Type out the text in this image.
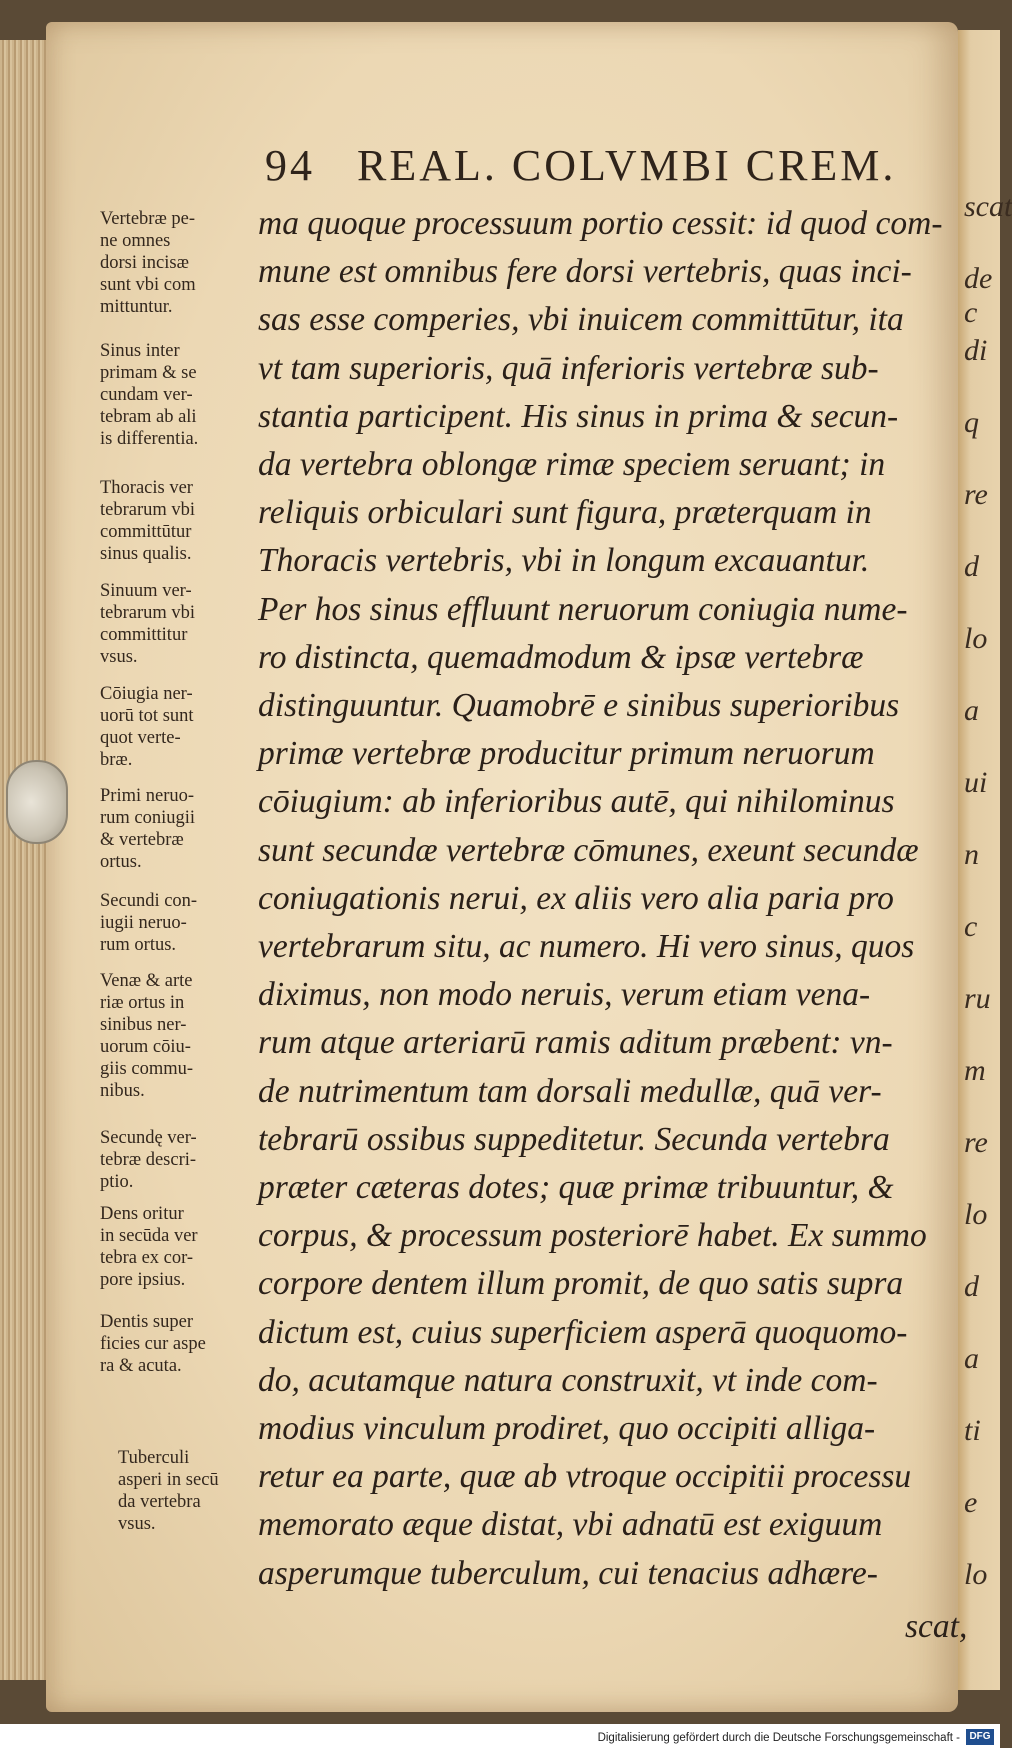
scat
de c
di
q
re
d
lo
a
ui
n
c
ru
m
re
lo
d
a
ti
e
lo
94 REAL. COLVMBI CREM.
ma quoque processuum portio cessit: id quod com-
mune est omnibus fere dorsi vertebris, quas inci-
sas esse comperies, vbi inuicem committūtur, ita
vt tam superioris, quā inferioris vertebræ sub-
stantia participent. His sinus in prima & secun-
da vertebra oblongæ rimæ speciem seruant; in
reliquis orbiculari sunt figura, præterquam in
Thoracis vertebris, vbi in longum excauantur.
Per hos sinus effluunt neruorum coniugia nume-
ro distincta, quemadmodum & ipsæ vertebræ
distinguuntur. Quamobrē e sinibus superioribus
primæ vertebræ producitur primum neruorum
cōiugium: ab inferioribus autē, qui nihilominus
sunt secundæ vertebræ cōmunes, exeunt secundæ
coniugationis nerui, ex aliis vero alia paria pro
vertebrarum situ, ac numero. Hi vero sinus, quos
diximus, non modo neruis, verum etiam vena-
rum atque arteriarū ramis aditum præbent: vn-
de nutrimentum tam dorsali medullæ, quā ver-
tebrarū ossibus suppeditetur. Secunda vertebra
præter cæteras dotes; quæ primæ tribuuntur, &
corpus, & processum posteriorē habet. Ex summo
corpore dentem illum promit, de quo satis supra
dictum est, cuius superficiem asperā quoquomo-
do, acutamque natura construxit, vt inde com-
modius vinculum prodiret, quo occipiti alliga-
retur ea parte, quæ ab vtroque occipitii processu
memorato æque distat, vbi adnatū est exiguum
asperumque tuberculum, cui tenacius adhære-
Vertebræ pe-
ne omnes
dorsi incisæ
sunt vbi com
mittuntur.
Sinus inter
primam & se
cundam ver-
tebram ab ali
is differentia.
Thoracis ver
tebrarum vbi
committūtur
sinus qualis.
Sinuum ver-
tebrarum vbi
committitur
vsus.
Cōiugia ner-
uorū tot sunt
quot verte-
bræ.
Primi neruo-
rum coniugii
& vertebræ
ortus.
Secundi con-
iugii neruo-
rum ortus.
Venæ & arte
riæ ortus in
sinibus ner-
uorum cōiu-
giis commu-
nibus.
Secundę ver-
tebræ descri-
ptio.
Dens oritur
in secūda ver
tebra ex cor-
pore ipsius.
Dentis super
ficies cur aspe
ra & acuta.
Tuberculi
asperi in secū
da vertebra
vsus.
scat,
Digitalisierung gefördert durch die Deutsche Forschungsgemeinschaft - DFG
